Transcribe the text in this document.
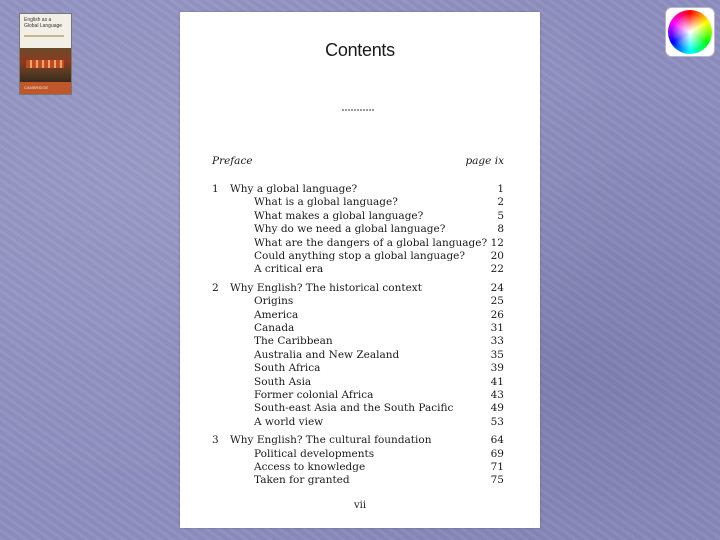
English as a
Global Language
CAMBRIDGE
Contents
Preface	page ix
vii
1 Why a global language?	1
What is a global language?	2
What makes a global language?	5
Why do we need a global language?	8
What are the dangers of a global language? 12
Could anything stop a global language? 20
A critical era	22
2 Why English? The historical context	24
Origins	25
America	26
Canada	31
The Caribbean	33
Australia and New Zealand	35
South Africa	39
South Asia	41
Former colonial Africa	43
South-east Asia and the South Pacific	49
A world view	53
3 Why English? The cultural foundation	64
Political developments	69
Access to knowledge	71
Taken for granted	75
